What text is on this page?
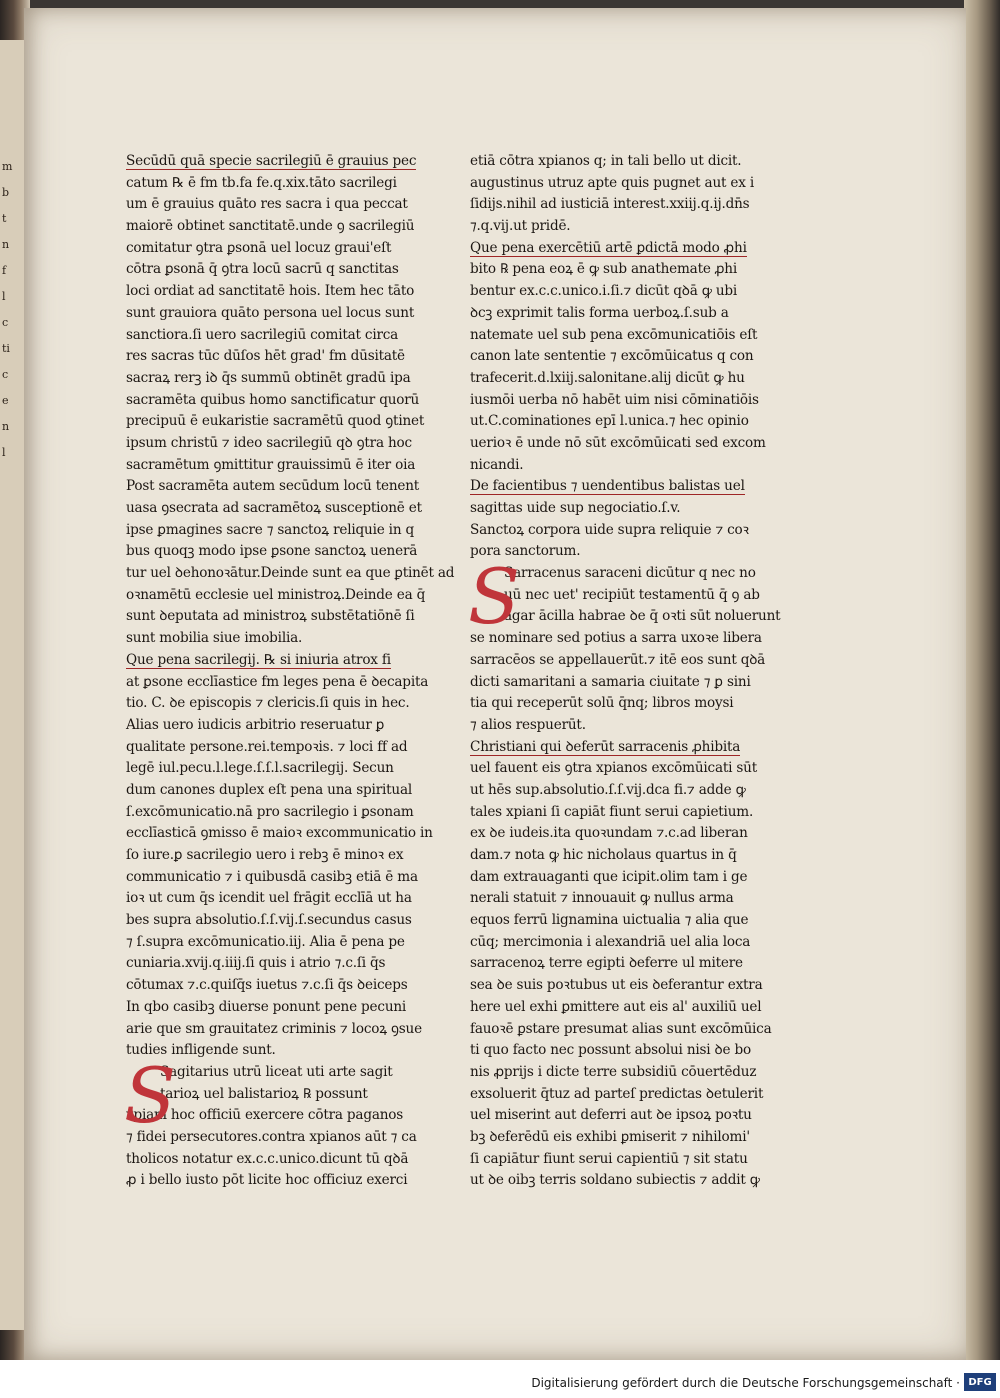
m
b
t
n
f
l
c
ti
c
e
n
l
Secūdū quā specie sacrilegiū ē grauius pec
catum ℞ ē fm tb.fa fe.q.xix.tāto sacrilegi
um ē grauius quāto res sacra i qua peccat
maiorē obtinet sanctitatē.unde ꝯ sacrilegiū
comitatur ꝯtra ꝑsonā uel locuz graui'eſt
cōtra ꝑsonā q̄ ꝯtra locū sacrū q sanctitas
loci ordiat ad sanctitatē hois. Item hec tāto
sunt grauiora quāto persona uel locus sunt
sanctiora.ſi uero sacrilegiū comitat circa
res sacras tūc dūſos hēt grad' fm dūsitatē
sacraꝝ rerꝫ iꝺ q̄s summū obtinēt gradū ipa
sacramēta quibus homo sanctificatur quorū
precipuū ē eukaristie sacramētū quod ꝯtinet
ipsum christū ⁊ ideo sacrilegiū qꝺ ꝯtra hoc
sacramētum ꝯmittitur grauissimū ē iter oia
Post sacramēta autem secūdum locū tenent
uasa ꝯsecrata ad sacramētoꝝ susceptionē et
ipse ꝑmagines sacre ⁊ sanctoꝝ reliquie in q
bus quoqꝫ modo ipse ꝑsone sanctoꝝ uenerā
tur uel ꝺehonoꝛātur.Deinde sunt ea que ꝑtinēt ad
oꝛnamētū ecclesie uel ministroꝝ.Deinde ea q̄
sunt ꝺeputata ad ministroꝝ substētatiōnē ſi
sunt mobilia siue imobilia.
Que pena sacrilegij. ℞ si iniuria atrox fi
at ꝑsone ecclīastice fm leges pena ē ꝺecapita
tio. C. ꝺe episcopis ⁊ clericis.ſi quis in hec.
Alias uero iudicis arbitrio reseruatur ꝑ
qualitate persone.rei.tempoꝛis. ⁊ loci ff ad
legē iul.pecu.l.lege.ſ.ſ.l.sacrilegij. Secun
dum canones duplex eſt pena una spiritual
ſ.excōmunicatio.nā pro sacrilegio i ꝑsonam
ecclīasticā ꝯmisso ē maioꝛ excommunicatio in
ſo iure.ꝑ sacrilegio uero i rebꝫ ē minoꝛ ex
communicatio ⁊ i quibusdā casibꝫ etiā ē ma
ioꝛ ut cum q̄s icendit uel frāgit ecclīā ut ha
bes supra absolutio.ſ.ſ.vij.ſ.secundus casus
⁊ ſ.supra excōmunicatio.iij. Alia ē pena pe
cuniaria.xvij.q.iiij.ſi quis i atrio ⁊.c.ſi q̄s
cōtumax ⁊.c.quiſq̄s iuetus ⁊.c.ſi q̄s ꝺeiceps
In qbo casibꝫ diuerse ponunt pene pecuni
arie que sm grauitatez criminis ⁊ locoꝝ ꝯsue
tudies infligende sunt.
S
Sagitarius utrū liceat uti arte sagit
tarioꝝ uel balistarioꝝ ℞ possunt
xpiani hoc officiū exercere cōtra paganos
⁊ fidei persecutores.contra xpianos aūt ⁊ ca
tholicos notatur ex.c.c.unico.dicunt tū qꝺā
ꝓ i bello iusto pōt licite hoc officiuz exerci
etiā cōtra xpianos q; in tali bello ut dicit.
augustinus utruz apte quis pugnet aut ex i
ſidijs.nihil ad iusticiā interest.xxiij.q.ij.dn̄s
⁊.q.vij.ut pridē.
Que pena exercētiū artē ꝑdictā modo ꝓhi
bito ℞ pena eoꝝ ē ꝙ sub anathemate ꝓhi
bentur ex.c.c.unico.i.ſi.⁊ dicūt qꝺā ꝙ ubi
ꝺcꝫ exprimit talis forma uerboꝝ.ſ.sub a
natemate uel sub pena excōmunicatiōis eſt
canon late sententie ⁊ excōmūicatus q con
trafecerit.d.lxiij.salonitane.alij dicūt ꝙ hu
iusmōi uerba nō habēt uim nisi cōminatiōis
ut.C.cominationes epī l.unica.⁊ hec opinio
uerioꝛ ē unde nō sūt excōmūicati sed excom
nicandi.
De facientibus ⁊ uendentibus balistas uel
sagittas uide sup negociatio.ſ.v.
Sanctoꝝ corpora uide supra reliquie ⁊ coꝛ
pora sanctorum.
S
Sarracenus saraceni dicūtur q nec no
uū nec uet' recipiūt testamentū q̄ ꝯ ab
agar ācilla habrae ꝺe q̄ oꝛti sūt noluerunt
se nominare sed potius a sarra uxoꝛe libera
sarracēos se appellauerūt.⁊ itē eos sunt qꝺā
dicti samaritani a samaria ciuitate ⁊ ꝑ sini
tia qui receperūt solū q̄nq; libros moysi
⁊ alios respuerūt.
Christiani qui ꝺeferūt sarracenis ꝓhibita
uel fauent eis ꝯtra xpianos excōmūicati sūt
ut hēs sup.absolutio.ſ.ſ.vij.dca fi.⁊ adde ꝙ
tales xpiani ſi capiāt fiunt serui capietium.
ex ꝺe iudeis.ita quoꝛundam ⁊.c.ad liberan
dam.⁊ nota ꝙ hic nicholaus quartus in q̄
dam extrauaganti que icipit.olim tam i ge
nerali statuit ⁊ innouauit ꝙ nullus arma
equos ferrū lignamina uictualia ⁊ alia que
cūq; mercimonia i alexandriā uel alia loca
sarracenoꝝ terre egipti ꝺeferre ul mitere
sea ꝺe suis poꝛtubus ut eis ꝺeferantur extra
here uel exhi ꝑmittere aut eis al' auxiliū uel
fauoꝛē ꝑstare presumat alias sunt excōmūica
ti quo facto nec possunt absolui nisi ꝺe bo
nis ꝓprijs i dicte terre subsidiū cōuertēduz
exsoluerit q̄tuz ad parteſ predictas ꝺetulerit
uel miserint aut deferri aut ꝺe ipsoꝝ poꝛtu
bꝫ ꝺeferēdū eis exhibi ꝑmiserit ⁊ nihilomi'
ſi capiātur fiunt serui capientiū ⁊ sit statu
ut ꝺe oibꝫ terris soldano subiectis ⁊ addit ꝙ
Digitalisierung gefördert durch die Deutsche Forschungsgemeinschaft · DFG
